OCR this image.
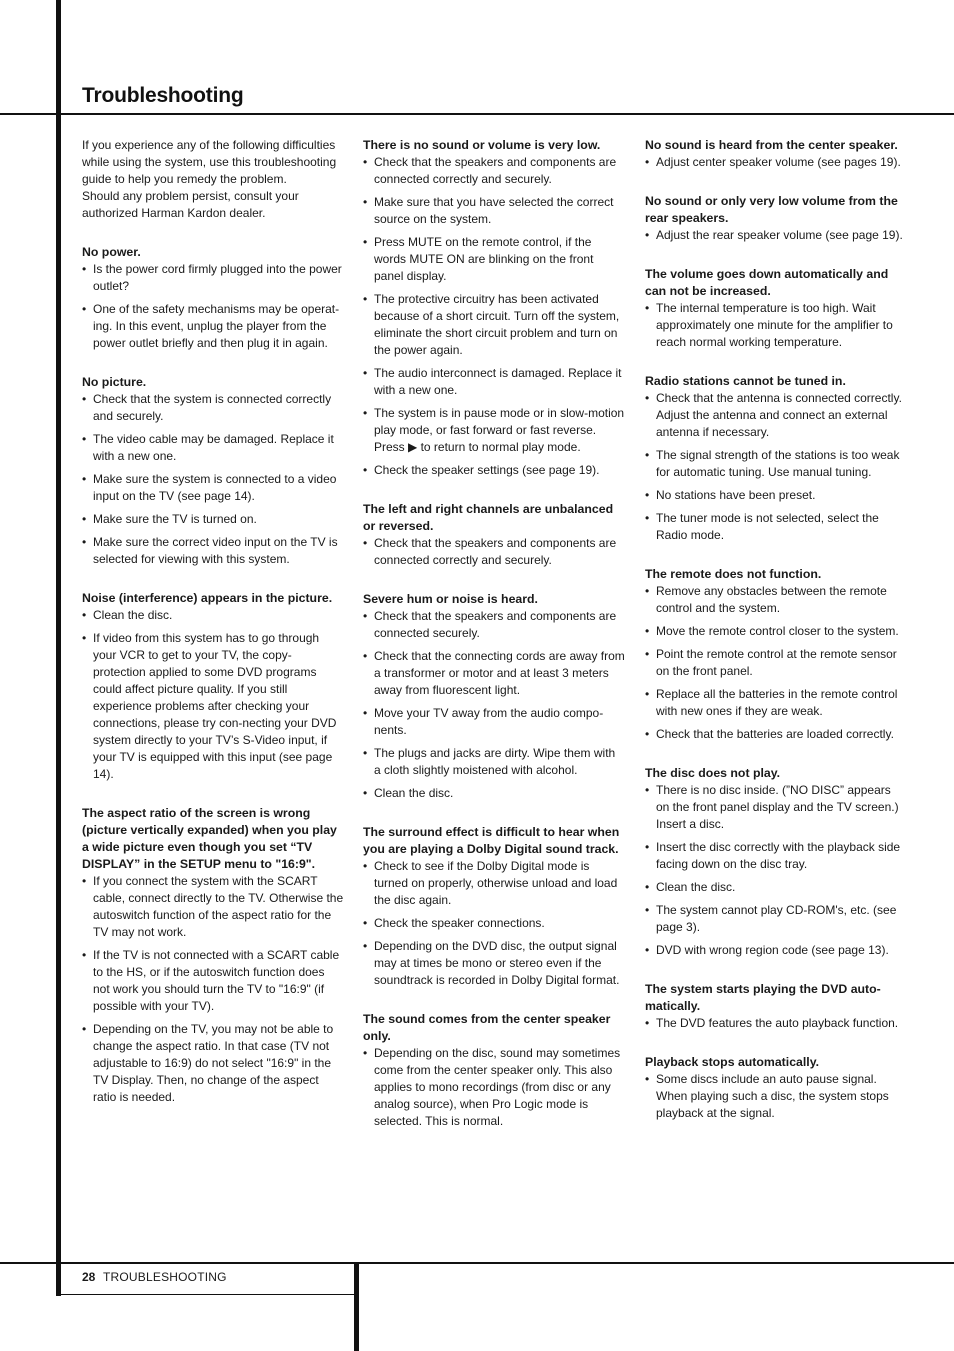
Troubleshooting

If you experience any of the following difficulties while using the system, use this troubleshooting guide to help you remedy the problem.

Should any problem persist, consult your authorized Harman Kardon dealer.

No power.
• Is the power cord firmly plugged into the power outlet?
• One of the safety mechanisms may be operat-ing. In this event, unplug the player from the power outlet briefly and then plug it in again.
No picture.
• Check that the system is connected correctly and securely.
• The video cable may be damaged. Replace it with a new one.
• Make sure the system is connected to a video input on the TV (see page 14).
• Make sure the TV is turned on.
• Make sure the correct video input on the TV is selected for viewing with this system.
Noise (interference) appears in the picture.
• Clean the disc.
• If video from this system has to go through your VCR to get to your TV, the copy-protection applied to some DVD programs could affect picture quality. If you still experience problems after checking your connections, please try con-necting your DVD system directly to your TV’s S-Video input, if your TV is equipped with this input (see page 14).
The aspect ratio of the screen is wrong (picture vertically expanded) when you play a wide picture even though you set “TV DISPLAY” in the SETUP menu to "16:9".
• If you connect the system with the SCART cable, connect directly to the TV. Otherwise the autoswitch function of the aspect ratio for the TV may not work.
• If the TV is not connected with a SCART cable to the HS, or if the autoswitch function does not work you should turn the TV to "16:9" (if possible with your TV).
• Depending on the TV, you may not be able to change the aspect ratio. In that case (TV not adjustable to 16:9) do not select "16:9" in the TV Display. Then, no change of the aspect ratio is needed.
There is no sound or volume is very low.
• Check that the speakers and components are connected correctly and securely.
• Make sure that you have selected the correct source on the system.
• Press MUTE on the remote control, if the words MUTE ON are blinking on the front panel display.
• The protective circuitry has been activated because of a short circuit. Turn off the system, eliminate the short circuit problem and turn on the power again.
• The audio interconnect is damaged. Replace it with a new one.
• The system is in pause mode or in slow-motion play mode, or fast forward or fast reverse. Press ▶ to return to normal play mode.
• Check the speaker settings (see page 19).
The left and right channels are unbalanced or reversed.
• Check that the speakers and components are connected correctly and securely.
Severe hum or noise is heard.
• Check that the speakers and components are connected securely.
• Check that the connecting cords are away from a transformer or motor and at least 3 meters away from fluorescent light.
• Move your TV away from the audio compo-nents.
• The plugs and jacks are dirty. Wipe them with a cloth slightly moistened with alcohol.
• Clean the disc.
The surround effect is difficult to hear when you are playing a Dolby Digital sound track.
• Check to see if the Dolby Digital mode is turned on properly, otherwise unload and load the disc again.
• Check the speaker connections.
• Depending on the DVD disc, the output signal may at times be mono or stereo even if the soundtrack is recorded in Dolby Digital format.
The sound comes from the center speaker only.
• Depending on the disc, sound may sometimes come from the center speaker only. This also applies to mono recordings (from disc or any analog source), when Pro Logic mode is selected. This is normal.
No sound is heard from the center speaker.
• Adjust center speaker volume (see pages 19).
No sound or only very low volume from the rear speakers.
• Adjust the rear speaker volume (see page 19).
The volume goes down automatically and can not be increased.
• The internal temperature is too high. Wait approximately one minute for the amplifier to reach normal working temperature.
Radio stations cannot be tuned in.
• Check that the antenna is connected correctly. Adjust the antenna and connect an external antenna if necessary.
• The signal strength of the stations is too weak for automatic tuning. Use manual tuning.
• No stations have been preset.
• The tuner mode is not selected, select the Radio mode.
The remote does not function.
• Remove any obstacles between the remote control and the system.
• Move the remote control closer to the system.
• Point the remote control at the remote sensor on the front panel.
• Replace all the batteries in the remote control with new ones if they are weak.
• Check that the batteries are loaded correctly.
The disc does not play.
• There is no disc inside. (”NO DISC” appears on the front panel display and the TV screen.) Insert a disc.
• Insert the disc correctly with the playback side facing down on the disc tray.
• Clean the disc.
• The system cannot play CD-ROM's, etc. (see page 3).
• DVD with wrong region code (see page 13).
The system starts playing the DVD auto-matically.
• The DVD features the auto playback function.
Playback stops automatically.
• Some discs include an auto pause signal. When playing such a disc, the system stops playback at the signal.
28 TROUBLESHOOTING
